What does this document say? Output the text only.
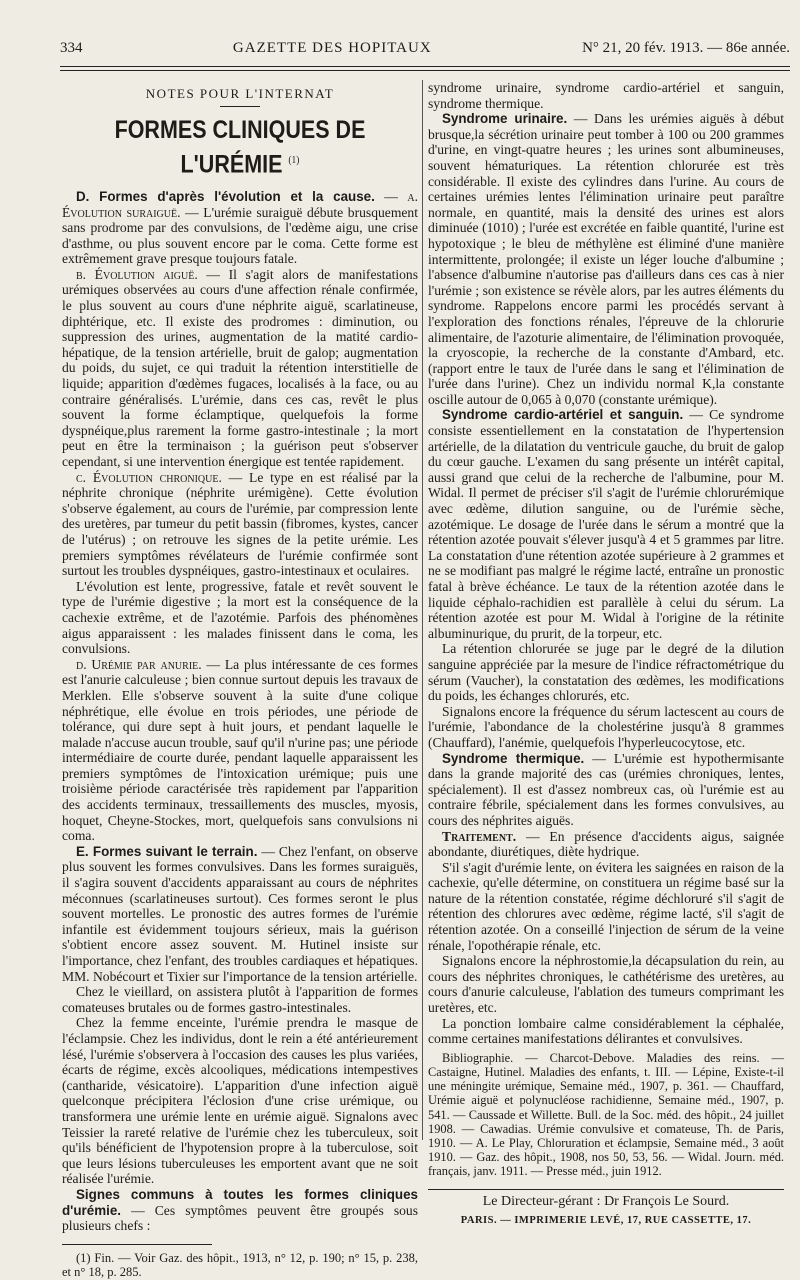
334	GAZETTE DES HOPITAUX	N° 21, 20 fév. 1913. — 86e année.

NOTES POUR L'INTERNAT

FORMES CLINIQUES DE L'URÉMIE $^{(1)}$

D. Formes d'après l'évolution et la cause. — a. Évolution suraiguë. — L'urémie suraiguë débute brusquement sans prodrome par des convulsions, de l'œdème aigu, une crise d'asthme, ou plus souvent encore par le coma. Cette forme est extrêmement grave presque toujours fatale.

b. Évolution aiguë. — Il s'agit alors de manifestations urémiques observées au cours d'une affection rénale confirmée, le plus souvent au cours d'une néphrite aiguë, scarlatineuse, diphtérique, etc. Il existe des prodromes : diminution, ou suppression des urines, augmentation de la matité cardio-hépatique, de la tension artérielle, bruit de galop; augmentation du poids, du sujet, ce qui traduit la rétention interstitielle de liquide; apparition d'œdèmes fugaces, localisés à la face, ou au contraire généralisés. L'urémie, dans ces cas, revêt le plus souvent la forme éclamptique, quelquefois la forme dyspnéique,plus rarement la forme gastro-intestinale ; la mort peut en être la terminaison ; la guérison peut s'observer cependant, si une intervention énergique est tentée rapidement.

c. Évolution chronique. — Le type en est réalisé par la néphrite chronique (néphrite urémigène). Cette évolution s'observe également, au cours de l'urémie, par compression lente des uretères, par tumeur du petit bassin (fibromes, kystes, cancer de l'utérus) ; on retrouve les signes de la petite urémie. Les premiers symptômes révélateurs de l'urémie confirmée sont surtout les troubles dyspnéiques, gastro-intestinaux et oculaires.

L'évolution est lente, progressive, fatale et revêt souvent le type de l'urémie digestive ; la mort est la conséquence de la cachexie extrême, et de l'azotémie. Parfois des phénomènes aigus apparaissent : les malades finissent dans le coma, les convulsions.

d. Urémie par anurie. — La plus intéressante de ces formes est l'anurie calculeuse ; bien connue surtout depuis les travaux de Merklen. Elle s'observe souvent à la suite d'une colique néphrétique, elle évolue en trois périodes, une période de tolérance, qui dure sept à huit jours, et pendant laquelle le malade n'accuse aucun trouble, sauf qu'il n'urine pas; une période intermédiaire de courte durée, pendant laquelle apparaissent les premiers symptômes de l'intoxication urémique; puis une troisième période caractérisée très rapidement par l'apparition des accidents terminaux, tressaillements des muscles, myosis, hoquet, Cheyne-Stockes, mort, quelquefois sans convulsions ni coma.

E. Formes suivant le terrain. — Chez l'enfant, on observe plus souvent les formes convulsives. Dans les formes suraiguës, il s'agira souvent d'accidents apparaissant au cours de néphrites méconnues (scarlatineuses surtout). Ces formes seront le plus souvent mortelles. Le pronostic des autres formes de l'urémie infantile est évidemment toujours sérieux, mais la guérison s'obtient encore assez souvent. M. Hutinel insiste sur l'importance, chez l'enfant, des troubles cardiaques et hépatiques. MM. Nobécourt et Tixier sur l'importance de la tension artérielle.

Chez le vieillard, on assistera plutôt à l'apparition de formes comateuses brutales ou de formes gastro-intestinales.

Chez la femme enceinte, l'urémie prendra le masque de l'éclampsie. Chez les individus, dont le rein a été antérieurement lésé, l'urémie s'observera à l'occasion des causes les plus variées, écarts de régime, excès alcooliques, médications intempestives (cantharide, vésicatoire). L'apparition d'une infection aiguë quelconque précipitera l'éclosion d'une crise urémique, ou transformera une urémie lente en urémie aiguë. Signalons avec Teissier la rareté relative de l'urémie chez les tuberculeux, soit qu'ils bénéficient de l'hypotension propre à la tuberculose, soit que leurs lésions tuberculeuses les emportent avant que ne soit réalisée l'urémie.

Signes communs à toutes les formes cliniques d'urémie. — Ces symptômes peuvent être groupés sous plusieurs chefs :

(1) Fin. — Voir Gaz. des hôpit., 1913, n° 12, p. 190; n° 15, p. 238, et n° 18, p. 285.

syndrome urinaire, syndrome cardio-artériel et sanguin, syndrome thermique.

Syndrome urinaire. — Dans les urémies aiguës à début brusque,la sécrétion urinaire peut tomber à 100 ou 200 grammes d'urine, en vingt-quatre heures ; les urines sont albumineuses, souvent hématuriques. La rétention chlorurée est très considérable. Il existe des cylindres dans l'urine. Au cours de certaines urémies lentes l'élimination urinaire peut paraître normale, en quantité, mais la densité des urines est alors diminuée (1010) ; l'urée est excrétée en faible quantité, l'urine est hypotoxique ; le bleu de méthylène est éliminé d'une manière intermittente, prolongée; il existe un léger louche d'albumine ; l'absence d'albumine n'autorise pas d'ailleurs dans ces cas à nier l'urémie ; son existence se révèle alors, par les autres éléments du syndrome. Rappelons encore parmi les procédés servant à l'exploration des fonctions rénales, l'épreuve de la chlorurie alimentaire, de l'azoturie alimentaire, de l'élimination provoquée, la cryoscopie, la recherche de la constante d'Ambard, etc. (rapport entre le taux de l'urée dans le sang et l'élimination de l'urée dans l'urine). Chez un individu normal K,la constante oscille autour de 0,065 à 0,070 (constante urémique).

Syndrome cardio-artériel et sanguin. — Ce syndrome consiste essentiellement en la constatation de l'hypertension artérielle, de la dilatation du ventricule gauche, du bruit de galop du cœur gauche. L'examen du sang présente un intérêt capital, aussi grand que celui de la recherche de l'albumine, pour M. Widal. Il permet de préciser s'il s'agit de l'urémie chlorurémique avec œdème, dilution sanguine, ou de l'urémie sèche, azotémique. Le dosage de l'urée dans le sérum a montré que la rétention azotée pouvait s'élever jusqu'à 4 et 5 grammes par litre. La constatation d'une rétention azotée supérieure à 2 grammes et ne se modifiant pas malgré le régime lacté, entraîne un pronostic fatal à brève échéance. Le taux de la rétention azotée dans le liquide céphalo-rachidien est parallèle à celui du sérum. La rétention azotée est pour M. Widal à l'origine de la rétinite albuminurique, du prurit, de la torpeur, etc.

La rétention chlorurée se juge par le degré de la dilution sanguine appréciée par la mesure de l'indice réfractométrique du sérum (Vaucher), la constatation des œdèmes, les modifications du poids, les échanges chlorurés, etc.

Signalons encore la fréquence du sérum lactescent au cours de l'urémie, l'abondance de la cholestérine jusqu'à 8 grammes (Chauffard), l'anémie, quelquefois l'hyperleucocytose, etc.

Syndrome thermique. — L'urémie est hypothermisante dans la grande majorité des cas (urémies chroniques, lentes, spécialement). Il est d'assez nombreux cas, où l'urémie est au contraire fébrile, spécialement dans les formes convulsives, au cours des néphrites aiguës.

Traitement. — En présence d'accidents aigus, saignée abondante, diurétiques, diète hydrique.

S'il s'agit d'urémie lente, on évitera les saignées en raison de la cachexie, qu'elle détermine, on constituera un régime basé sur la nature de la rétention constatée, régime déchloruré s'il s'agit de rétention des chlorures avec œdème, régime lacté, s'il s'agit de rétention azotée. On a conseillé l'injection de sérum de la veine rénale, l'opothérapie rénale, etc.

Signalons encore la néphrostomie,la décapsulation du rein, au cours des néphrites chroniques, le cathétérisme des uretères, au cours d'anurie calculeuse, l'ablation des tumeurs comprimant les uretères, etc.

La ponction lombaire calme considérablement la céphalée, comme certaines manifestations délirantes et convulsives.

Bibliographie. — Charcot-Debove. Maladies des reins. — Castaigne, Hutinel. Maladies des enfants, t. III. — Lépine, Existe-t-il une méningite urémique, Semaine méd., 1907, p. 361. — Chauffard, Urémie aiguë et polynucléose rachidienne, Semaine méd., 1907, p. 541. — Caussade et Willette. Bull. de la Soc. méd. des hôpit., 24 juillet 1908. — Cawadias. Urémie convulsive et comateuse, Th. de Paris, 1910. — A. Le Play, Chloruration et éclampsie, Semaine méd., 3 août 1910. — Gaz. des hôpit., 1908, nos 50, 53, 56. — Widal. Journ. méd. français, janv. 1911. — Presse méd., juin 1912.

Le Directeur-gérant : Dr François Le Sourd.

PARIS. — IMPRIMERIE LEVÉ, 17, RUE CASSETTE, 17.
